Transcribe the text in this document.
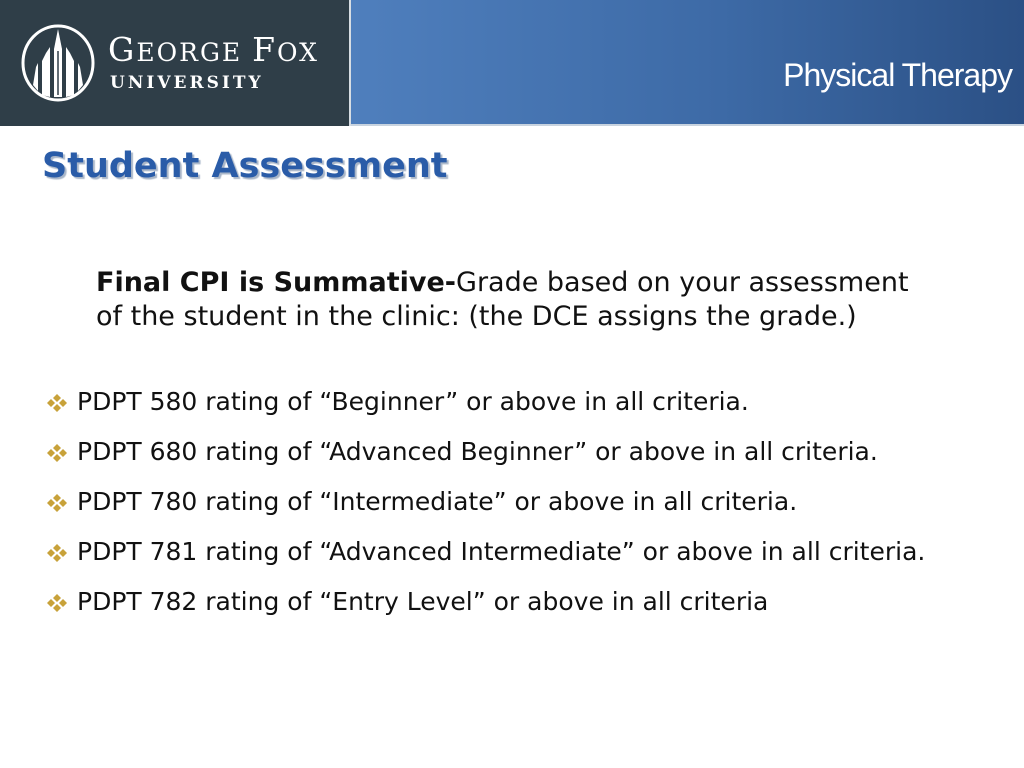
GEORGE FOX
UNIVERSITY	Physical Therapy
Student Assessment
Final CPI is Summative-Grade based on your assessment of the student in the clinic: (the DCE assigns the grade.)
PDPT 580 rating of “Beginner” or above in all criteria.
PDPT 680 rating of “Advanced Beginner” or above in all criteria.
PDPT 780 rating of “Intermediate” or above in all criteria.
PDPT 781 rating of “Advanced Intermediate” or above in all criteria.
PDPT 782 rating of “Entry Level” or above in all criteria
